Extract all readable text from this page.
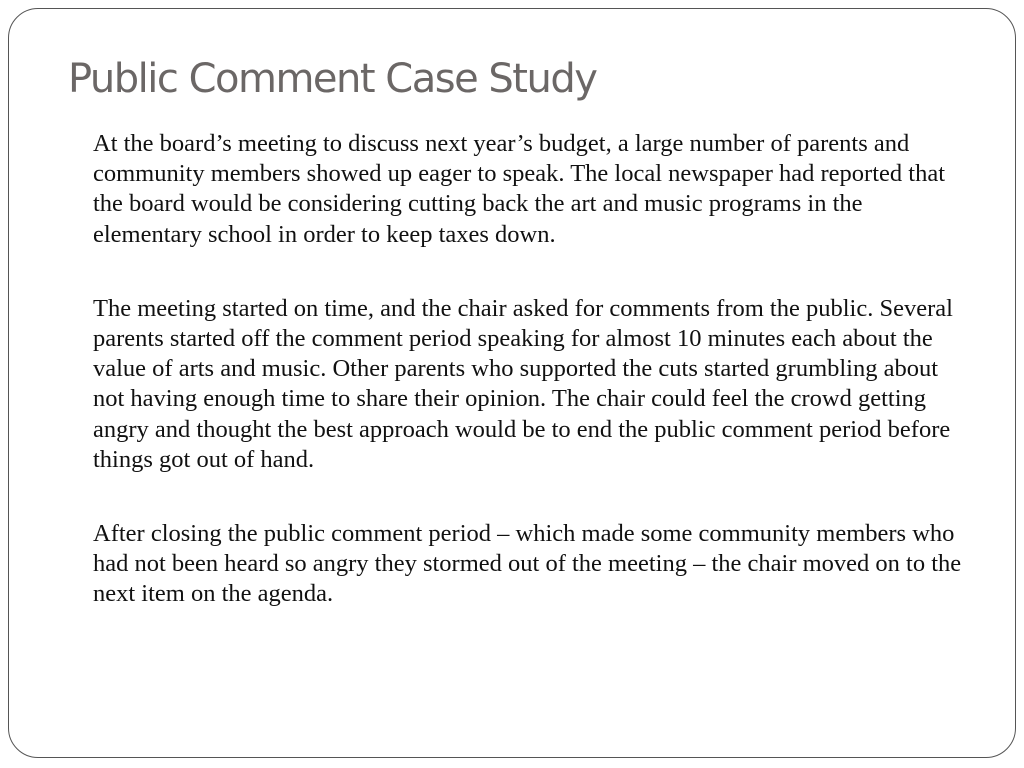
Public Comment Case Study

At the board’s meeting to discuss next year’s budget, a large number of parents and community members showed up eager to speak. The local newspaper had reported that the board would be considering cutting back the art and music programs in the elementary school in order to keep taxes down.

The meeting started on time, and the chair asked for comments from the public. Several parents started off the comment period speaking for almost 10 minutes each about the value of arts and music. Other parents who supported the cuts started grumbling about not having enough time to share their opinion. The chair could feel the crowd getting angry and thought the best approach would be to end the public comment period before things got out of hand.

After closing the public comment period – which made some community members who had not been heard so angry they stormed out of the meeting – the chair moved on to the next item on the agenda.
